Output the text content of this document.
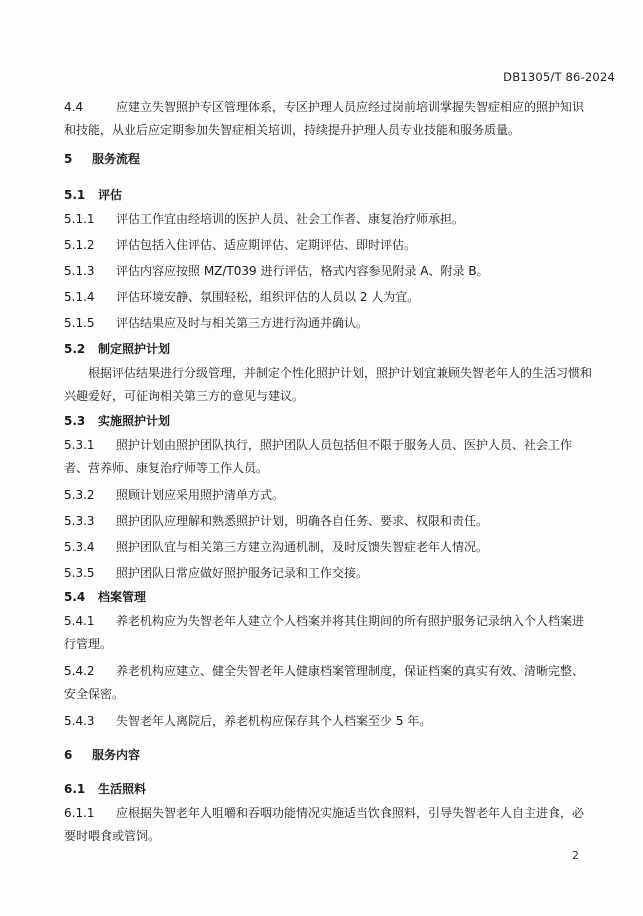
DB1305/T 86-2024
4.4	应建立失智照护专区管理体系，专区护理人员应经过岗前培训掌握失智症相应的照护知识和技能，从业后应定期参加失智症相关培训，持续提升护理人员专业技能和服务质量。
5 服务流程
5.1 评估
5.1.1 评估工作宜由经培训的医护人员、社会工作者、康复治疗师承担。
5.1.2 评估包括入住评估、适应期评估、定期评估、即时评估。
5.1.3 评估内容应按照 MZ/T039 进行评估，格式内容参见附录 A、附录 B。
5.1.4 评估环境安静、氛围轻松，组织评估的人员以 2 人为宜。
5.1.5 评估结果应及时与相关第三方进行沟通并确认。
5.2 制定照护计划
根据评估结果进行分级管理，并制定个性化照护计划，照护计划宜兼顾失智老年人的生活习惯和兴趣爱好，可征询相关第三方的意见与建议。
5.3 实施照护计划
5.3.1 照护计划由照护团队执行，照护团队人员包括但不限于服务人员、医护人员、社会工作者、营养师、康复治疗师等工作人员。
5.3.2 照顾计划应采用照护清单方式。
5.3.3 照护团队应理解和熟悉照护计划，明确各自任务、要求、权限和责任。
5.3.4 照护团队宜与相关第三方建立沟通机制，及时反馈失智症老年人情况。
5.3.5 照护团队日常应做好照护服务记录和工作交接。
5.4 档案管理
5.4.1 养老机构应为失智老年人建立个人档案并将其住期间的所有照护服务记录纳入个人档案进行管理。
5.4.2 养老机构应建立、健全失智老年人健康档案管理制度，保证档案的真实有效、清晰完整、安全保密。
5.4.3 失智老年人离院后，养老机构应保存其个人档案至少 5 年。
6 服务内容
6.1 生活照料
6.1.1 应根据失智老年人咀嚼和吞咽功能情况实施适当饮食照料，引导失智老年人自主进食，必要时喂食或管饲。
2
